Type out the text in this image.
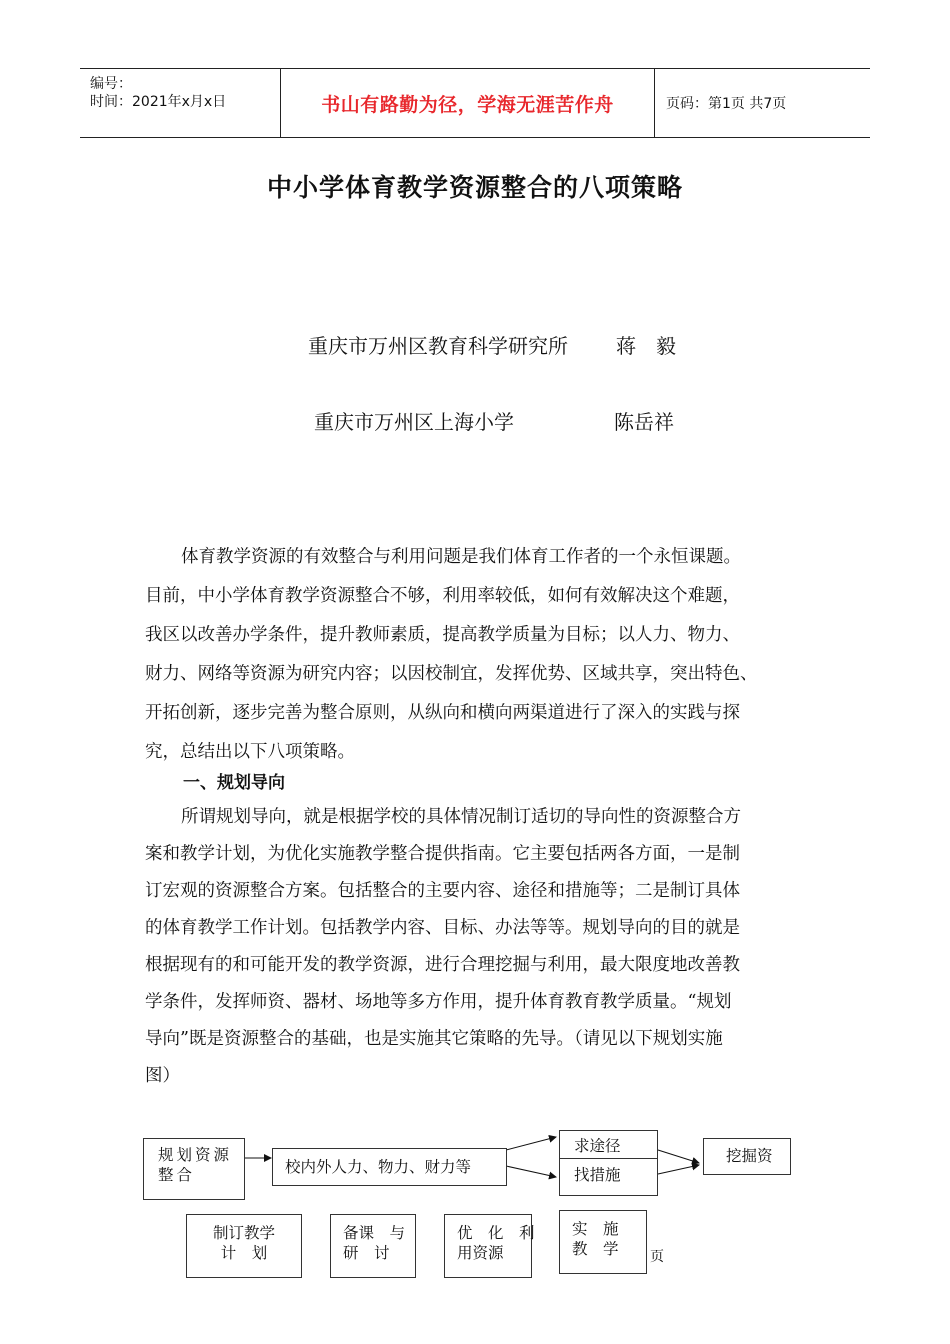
编号：
时间：2021年x月x日	书山有路勤为径，学海无涯苦作舟	页码：第1页 共7页
中小学体育教学资源整合的八项策略
重庆市万州区教育科学研究所 蒋　毅
重庆市万州区上海小学	陈岳祥
体育教学资源的有效整合与利用问题是我们体育工作者的一个永恒课题。
目前，中小学体育教学资源整合不够，利用率较低，如何有效解决这个难题，
我区以改善办学条件，提升教师素质，提高教学质量为目标；以人力、物力、
财力、网络等资源为研究内容；以因校制宜，发挥优势、区域共享，突出特色、
开拓创新，逐步完善为整合原则，从纵向和横向两渠道进行了深入的实践与探
究，总结出以下八项策略。
一、规划导向
所谓规划导向，就是根据学校的具体情况制订适切的导向性的资源整合方
案和教学计划，为优化实施教学整合提供指南。它主要包括两各方面，一是制
订宏观的资源整合方案。包括整合的主要内容、途径和措施等；二是制订具体
的体育教学工作计划。包括教学内容、目标、办法等等。规划导向的目的就是
根据现有的和可能开发的教学资源，进行合理挖掘与利用，最大限度地改善教
学条件，发挥师资、器材、场地等多方作用，提升体育教育教学质量。“规划
导向”既是资源整合的基础，也是实施其它策略的先导。（请见以下规划实施
图）
规划资源
整合	校内外人力、物力、财力等
求途径
找措施
挖掘资
制订教学
计　划
备课　与
研　讨
优　化　利
用资源
实　施
教　学	页
